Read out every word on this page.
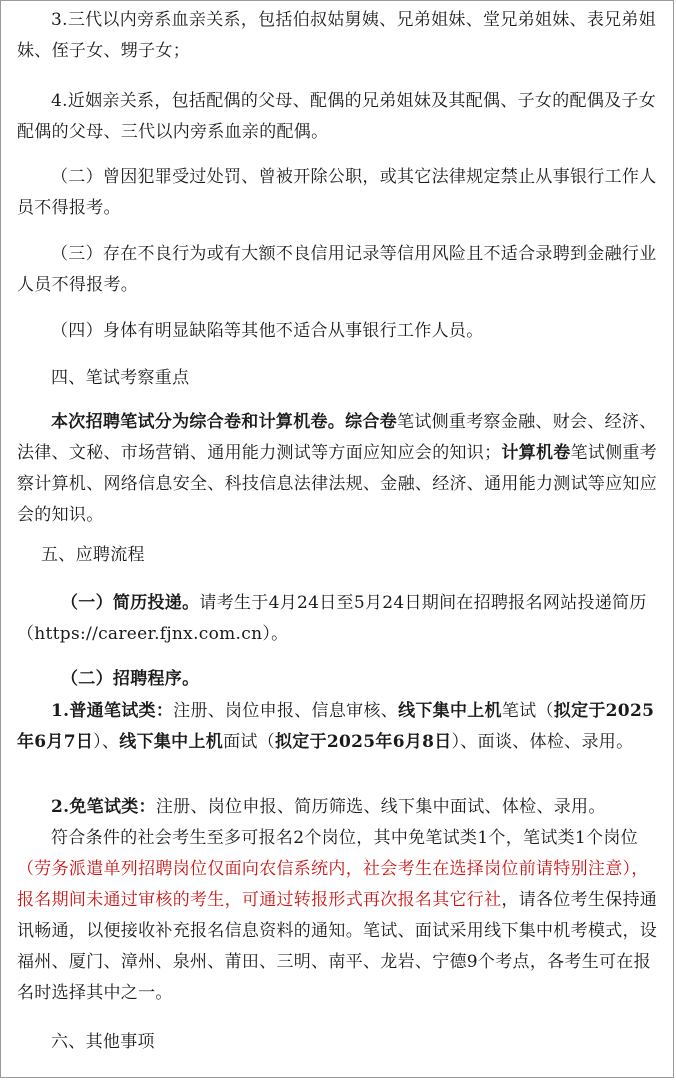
3.三代以内旁系血亲关系，包括伯叔姑舅姨、兄弟姐妹、堂兄弟姐妹、表兄弟姐妹、侄子女、甥子女；

4.近姻亲关系，包括配偶的父母、配偶的兄弟姐妹及其配偶、子女的配偶及子女配偶的父母、三代以内旁系血亲的配偶。

（二）曾因犯罪受过处罚、曾被开除公职，或其它法律规定禁止从事银行工作人员不得报考。

（三）存在不良行为或有大额不良信用记录等信用风险且不适合录聘到金融行业人员不得报考。

（四）身体有明显缺陷等其他不适合从事银行工作人员。

四、笔试考察重点

本次招聘笔试分为综合卷和计算机卷。综合卷笔试侧重考察金融、财会、经济、法律、文秘、市场营销、通用能力测试等方面应知应会的知识；计算机卷笔试侧重考察计算机、网络信息安全、科技信息法律法规、金融、经济、通用能力测试等应知应会的知识。

五、应聘流程

（一）简历投递。请考生于4月24日至5月24日期间在招聘报名网站投递简历（https://career.fjnx.com.cn）。

（二）招聘程序。

1.普通笔试类：注册、岗位申报、信息审核、线下集中上机笔试（拟定于2025年6月7日）、线下集中上机面试（拟定于2025年6月8日）、面谈、体检、录用。

2.免笔试类：注册、岗位申报、简历筛选、线下集中面试、体检、录用。

符合条件的社会考生至多可报名2个岗位，其中免笔试类1个，笔试类1个岗位（劳务派遣单列招聘岗位仅面向农信系统内，社会考生在选择岗位前请特别注意），报名期间未通过审核的考生，可通过转报形式再次报名其它行社，请各位考生保持通讯畅通，以便接收补充报名信息资料的通知。笔试、面试采用线下集中机考模式，设福州、厦门、漳州、泉州、莆田、三明、南平、龙岩、宁德9个考点，各考生可在报名时选择其中之一。

六、其他事项

小红书
